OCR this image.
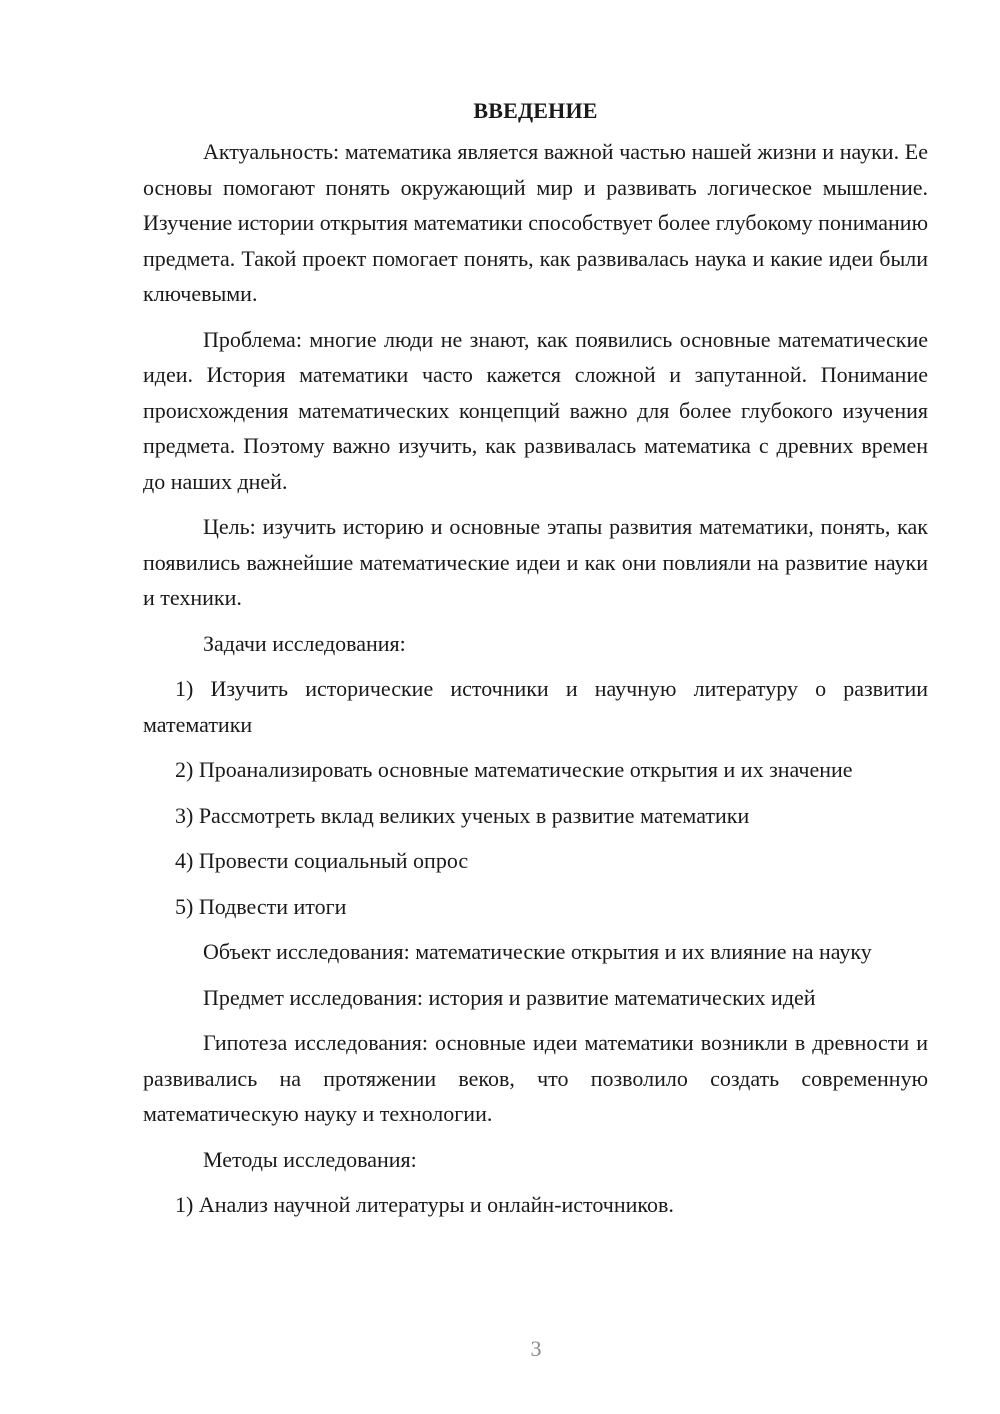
ВВЕДЕНИЕ

Актуальность: математика является важной частью нашей жизни и науки. Ее основы помогают понять окружающий мир и развивать логическое мышление. Изучение истории открытия математики способствует более глубокому пониманию предмета. Такой проект помогает понять, как развивалась наука и какие идеи были ключевыми.

Проблема: многие люди не знают, как появились основные математические идеи. История математики часто кажется сложной и запутанной. Понимание происхождения математических концепций важно для более глубокого изучения предмета. Поэтому важно изучить, как развивалась математика с древних времен до наших дней.

Цель: изучить историю и основные этапы развития математики, понять, как появились важнейшие математические идеи и как они повлияли на развитие науки и техники.

Задачи исследования:

1) Изучить исторические источники и научную литературу о развитии математики

2) Проанализировать основные математические открытия и их значение

3) Рассмотреть вклад великих ученых в развитие математики

4) Провести социальный опрос

5) Подвести итоги

Объект исследования: математические открытия и их влияние на науку

Предмет исследования: история и развитие математических идей

Гипотеза исследования: основные идеи математики возникли в древности и развивались на протяжении веков, что позволило создать современную математическую науку и технологии.

Методы исследования:

1) Анализ научной литературы и онлайн-источников.

3
